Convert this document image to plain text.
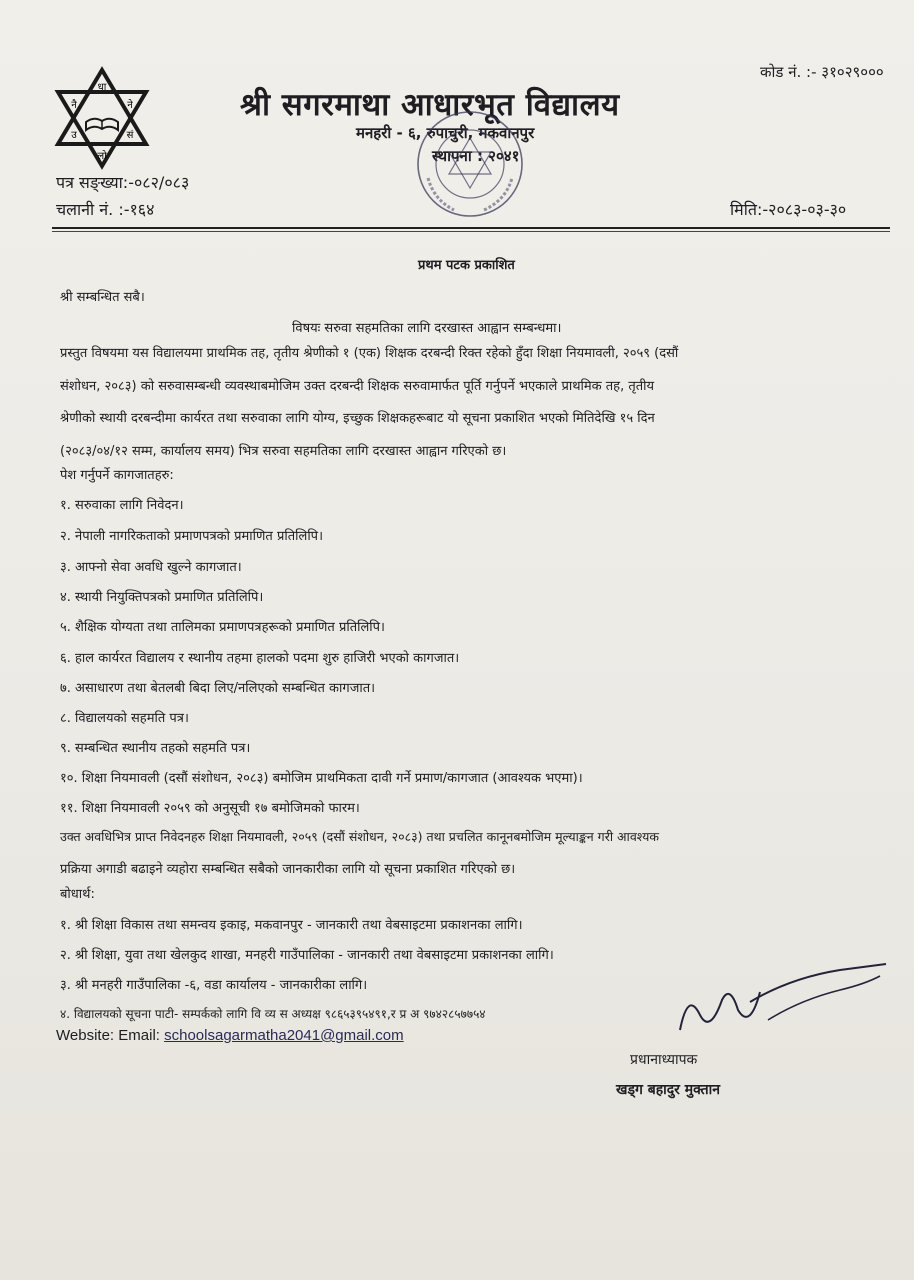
धा
नै	ने
उ	सं
लो
कोड नं. :- ३१०२९०००
श्री सगरमाथा आधारभूत विद्यालय
मनहरी - ६, रुपाचुरी, मकवानपुर
स्थापना : २०४१
पत्र सङ्ख्या:-०८२/०८३
चलानी नं. :-१६४	मिति:-२०८३-०३-३०
प्रथम पटक प्रकाशित
श्री सम्बन्धित सबै।
विषयः सरुवा सहमतिका लागि दरखास्त आह्वान सम्बन्धमा।
प्रस्तुत विषयमा यस विद्यालयमा प्राथमिक तह, तृतीय श्रेणीको १ (एक) शिक्षक दरबन्दी रिक्त रहेको हुँदा शिक्षा नियमावली, २०५९ (दसौं
संशोधन, २०८३) को सरुवासम्बन्धी व्यवस्थाबमोजिम उक्त दरबन्दी शिक्षक सरुवामार्फत पूर्ति गर्नुपर्ने भएकाले प्राथमिक तह, तृतीय
श्रेणीको स्थायी दरबन्दीमा कार्यरत तथा सरुवाका लागि योग्य, इच्छुक शिक्षकहरूबाट यो सूचना प्रकाशित भएको मितिदेखि १५ दिन
(२०८३/०४/१२ सम्म, कार्यालय समय) भित्र सरुवा सहमतिका लागि दरखास्त आह्वान गरिएको छ।
पेश गर्नुपर्ने कागजातहरु:
१. सरुवाका लागि निवेदन।
२. नेपाली नागरिकताको प्रमाणपत्रको प्रमाणित प्रतिलिपि।
३. आफ्नो सेवा अवधि खुल्ने कागजात।
४. स्थायी नियुक्तिपत्रको प्रमाणित प्रतिलिपि।
५. शैक्षिक योग्यता तथा तालिमका प्रमाणपत्रहरूको प्रमाणित प्रतिलिपि।
६. हाल कार्यरत विद्यालय र स्थानीय तहमा हालको पदमा शुरु हाजिरी भएको कागजात।
७. असाधारण तथा बेतलबी बिदा लिए/नलिएको सम्बन्धित कागजात।
८. विद्यालयको सहमति पत्र।
९. सम्बन्धित स्थानीय तहको सहमति पत्र।
१०. शिक्षा नियमावली (दसौं संशोधन, २०८३) बमोजिम प्राथमिकता दावी गर्ने प्रमाण/कागजात (आवश्यक भएमा)।
११. शिक्षा नियमावली २०५९ को अनुसूची १७ बमोजिमको फारम।
उक्त अवधिभित्र प्राप्त निवेदनहरु शिक्षा नियमावली, २०५९ (दसौं संशोधन, २०८३) तथा प्रचलित कानूनबमोजिम मूल्याङ्कन गरी आवश्यक
प्रक्रिया अगाडी बढाइने व्यहोरा सम्बन्धित सबैको जानकारीका लागि यो सूचना प्रकाशित गरिएको छ।
बोधार्थ:
१. श्री शिक्षा विकास तथा समन्वय इकाइ, मकवानपुर - जानकारी तथा वेबसाइटमा प्रकाशनका लागि।
२. श्री शिक्षा, युवा तथा खेलकुद शाखा, मनहरी गाउँपालिका - जानकारी तथा वेबसाइटमा प्रकाशनका लागि।
३. श्री मनहरी गाउँपालिका -६, वडा कार्यालय - जानकारीका लागि।
४. विद्यालयको सूचना पाटी- सम्पर्कको लागि वि व्य स अध्यक्ष ९८६५३९५४९१,र प्र अ ९७४२८५७७५४
Website: Email: schoolsagarmatha2041@gmail.com
प्रधानाध्यापक
खड्ग बहादुर मुक्तान
